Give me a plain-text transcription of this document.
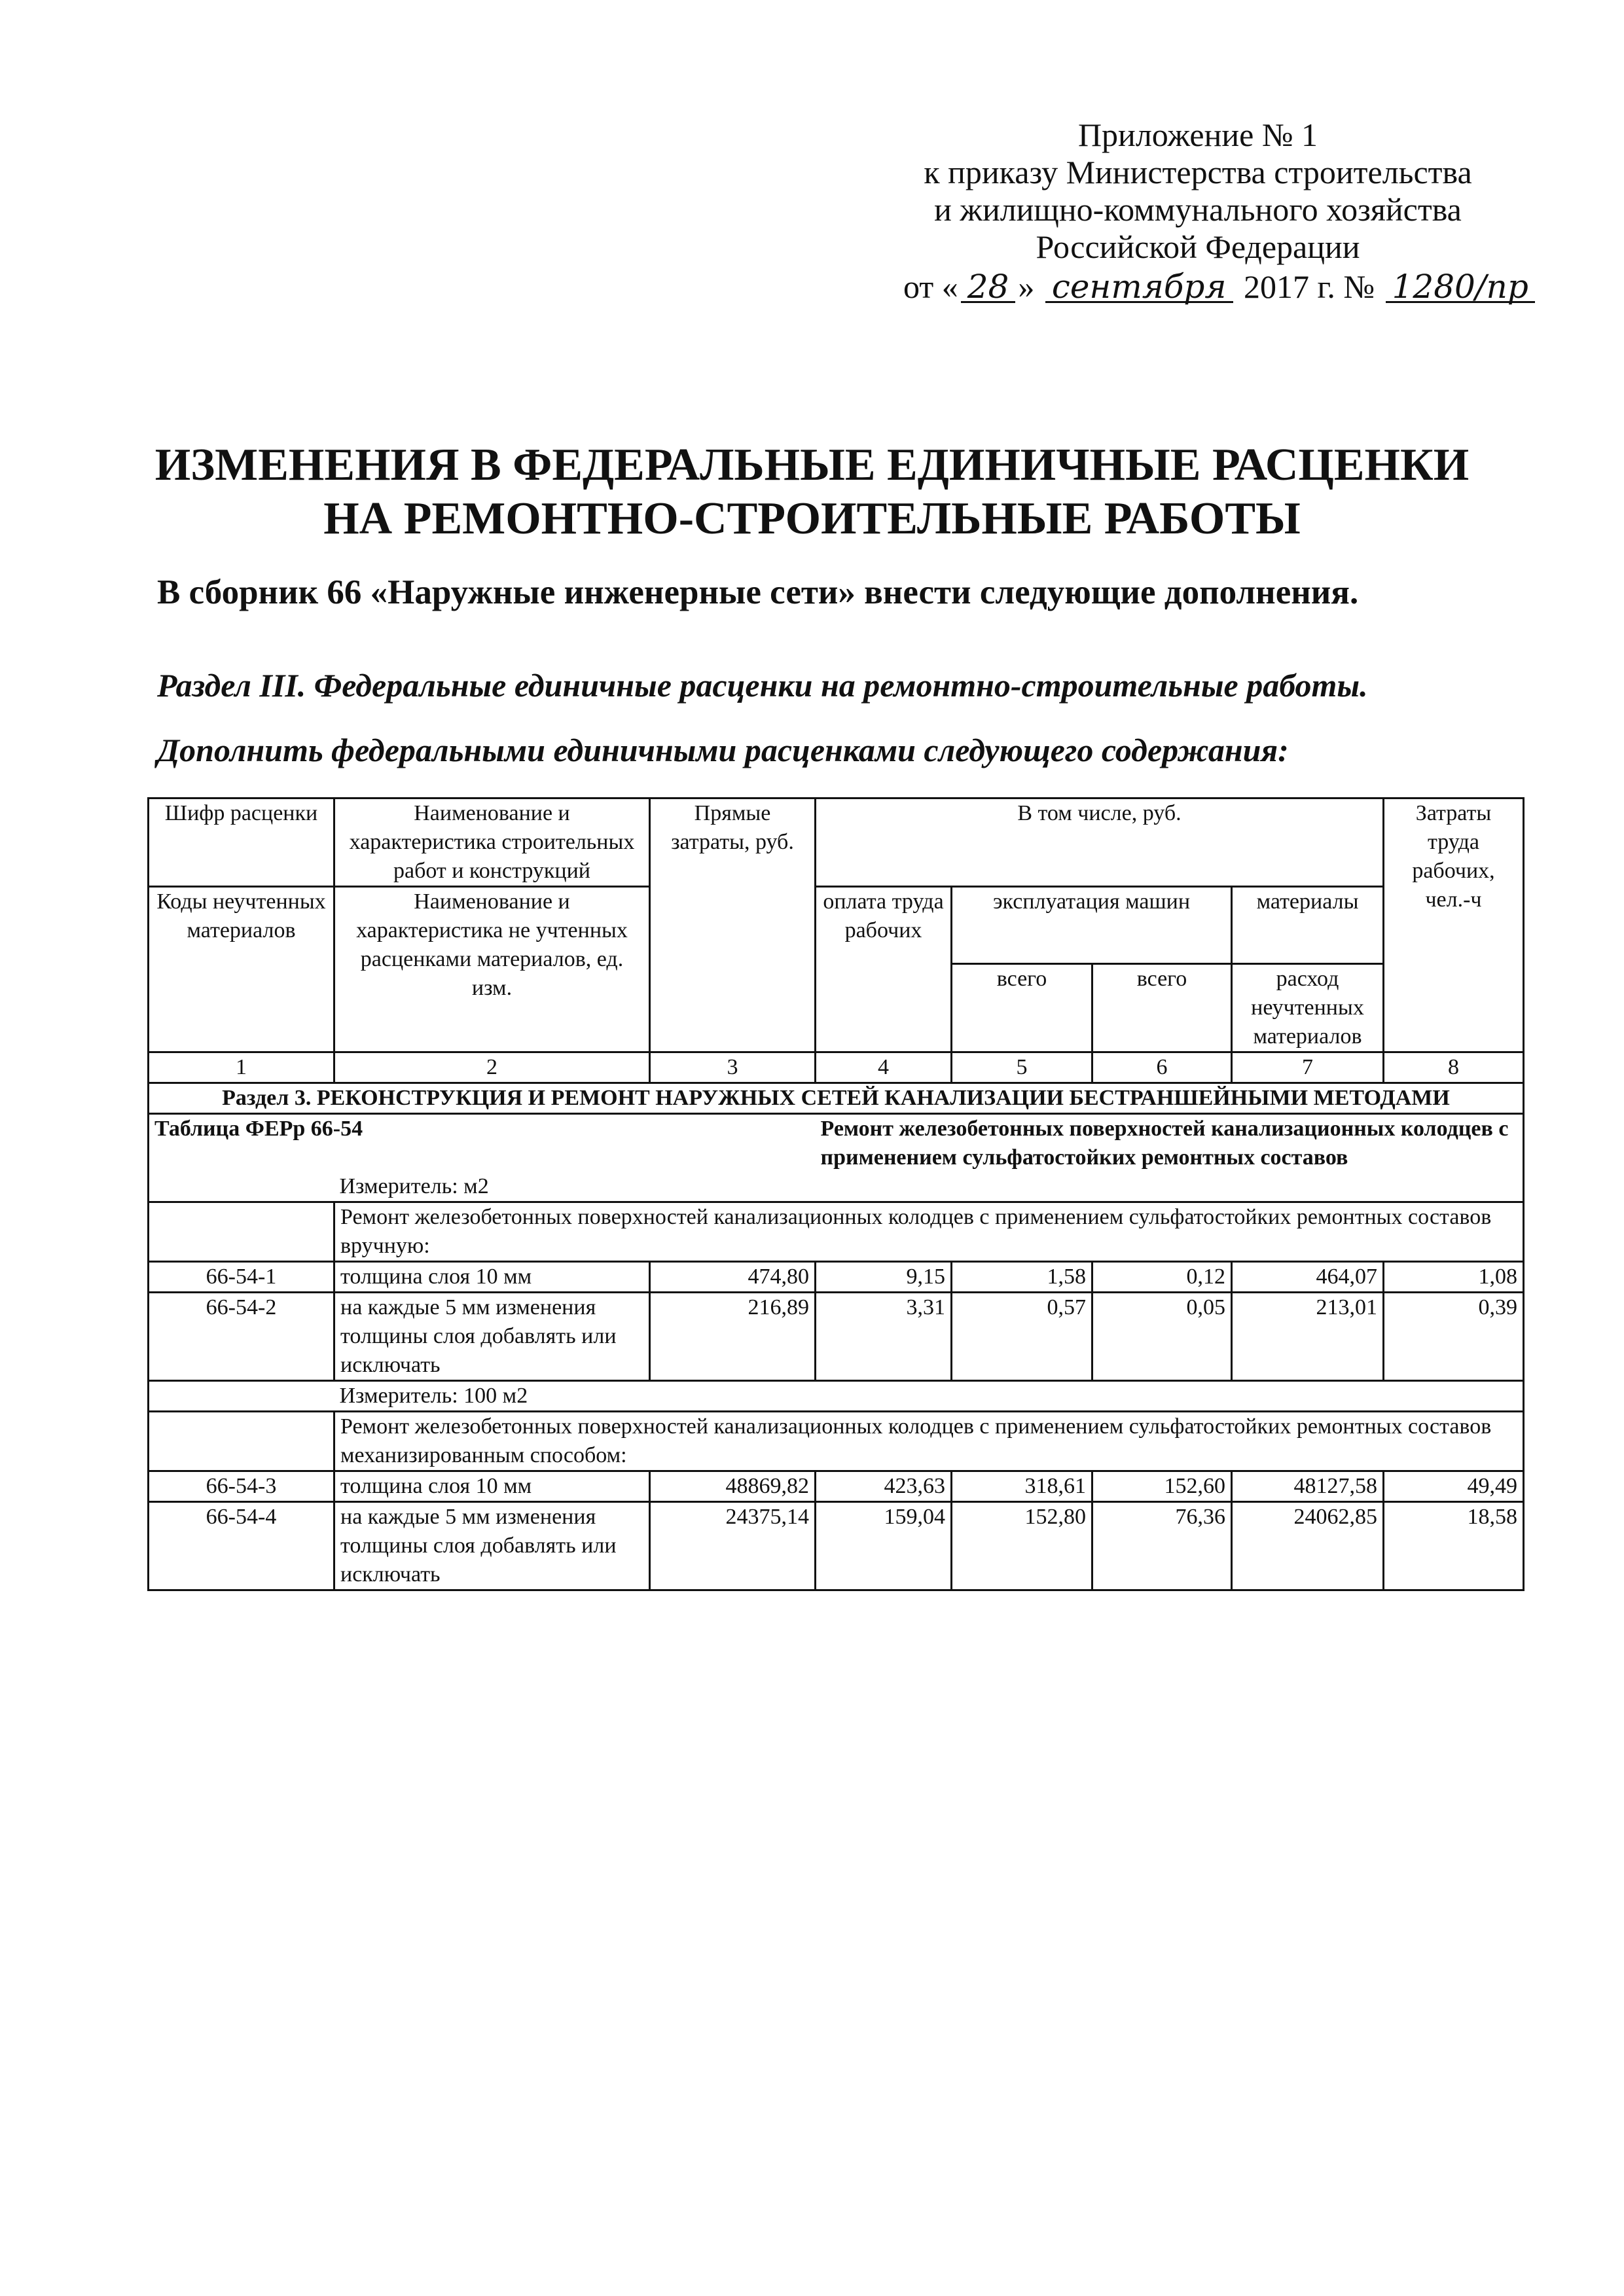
Приложение № 1
к приказу Министерства строительства
и жилищно-коммунального хозяйства
Российской Федерации
от « 28 » сентября 2017 г. № 1280/пр
ИЗМЕНЕНИЯ В ФЕДЕРАЛЬНЫЕ ЕДИНИЧНЫЕ РАСЦЕНКИ
НА РЕМОНТНО-СТРОИТЕЛЬНЫЕ РАБОТЫ
В сборник 66 «Наружные инженерные сети» внести следующие дополнения.
Раздел III. Федеральные единичные расценки на ремонтно-строительные работы.
Дополнить федеральными единичными расценками следующего содержания:
Шифр расценки	Наименование и характеристика строительных работ и конструкций	Прямые затраты, руб.	В том числе, руб.				Затраты труда рабочих, чел.-ч
Коды неучтенных материалов	Наименование и характеристика не учтенных расценками материалов, ед. изм.		оплата труда рабочих	эксплуатация машин		материалы	
				всего	всего	расход неучтенных материалов	
1	2	3	4	5	6	7	8
Раздел 3. РЕКОНСТРУКЦИЯ И РЕМОНТ НАРУЖНЫХ СЕТЕЙ КАНАЛИЗАЦИИ БЕСТРАНШЕЙНЫМИ МЕТОДАМИ							
Таблица ФЕРр 66-54			Ремонт железобетонных поверхностей канализационных колодцев с применением сульфатостойких ремонтных составов				
	Измеритель: м2						
	Ремонт железобетонных поверхностей канализационных колодцев с применением сульфатостойких ремонтных составов вручную:						
66-54-1	толщина слоя 10 мм	474,80	9,15	1,58	0,12	464,07	1,08
66-54-2	на каждые 5 мм изменения толщины слоя добавлять или исключать	216,89	3,31	0,57	0,05	213,01	0,39
	Измеритель: 100 м2						
	Ремонт железобетонных поверхностей канализационных колодцев с применением сульфатостойких ремонтных составов механизированным способом:						
66-54-3	толщина слоя 10 мм	48869,82	423,63	318,61	152,60	48127,58	49,49
66-54-4	на каждые 5 мм изменения толщины слоя добавлять или исключать	24375,14	159,04	152,80	76,36	24062,85	18,58
